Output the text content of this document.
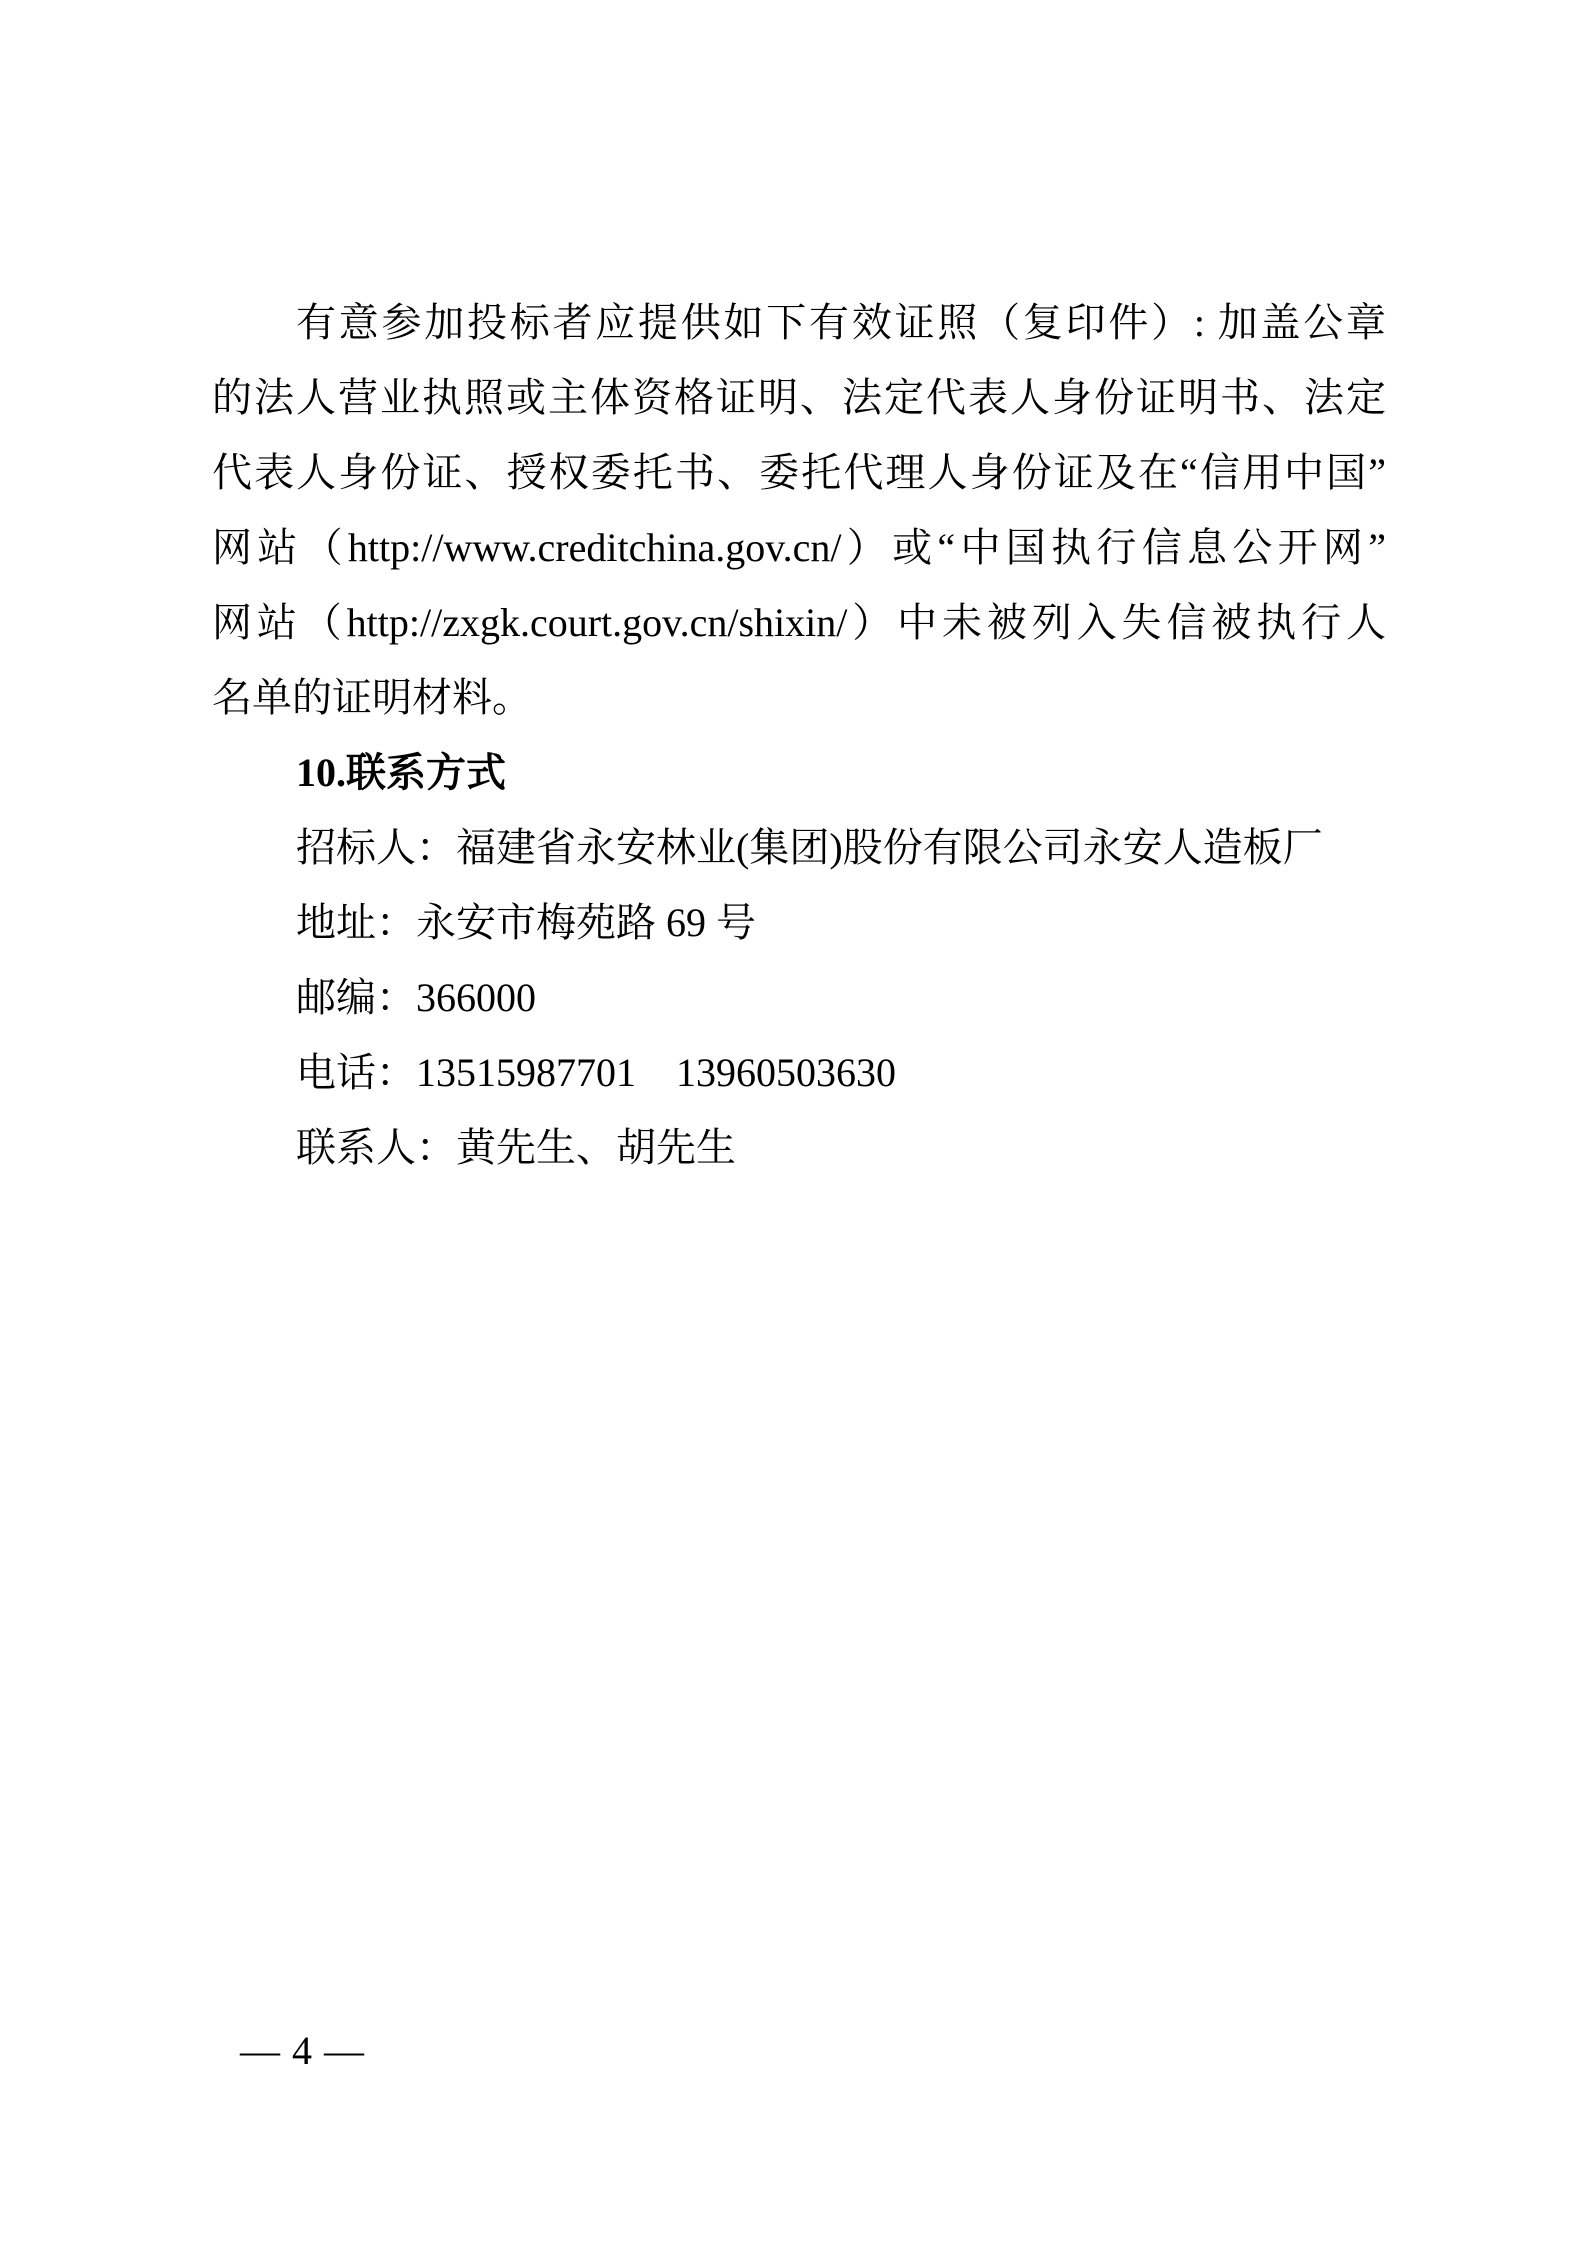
有意参加投标者应提供如下有效证照（复印件）: 加盖公章

的法人营业执照或主体资格证明、法定代表人身份证明书、法定

代表人身份证、授权委托书、委托代理人身份证及在“信用中国”

网站（http://www.creditchina.gov.cn/）或“中国执行信息公开网”

网站（http://zxgk.court.gov.cn/shixin/）中未被列入失信被执行人

名单的证明材料。

10.联系方式

招标人：福建省永安林业(集团)股份有限公司永安人造板厂

地址：永安市梅苑路 69 号

邮编：366000

电话：13515987701　13960503630

联系人：黄先生、胡先生

— 4 —
